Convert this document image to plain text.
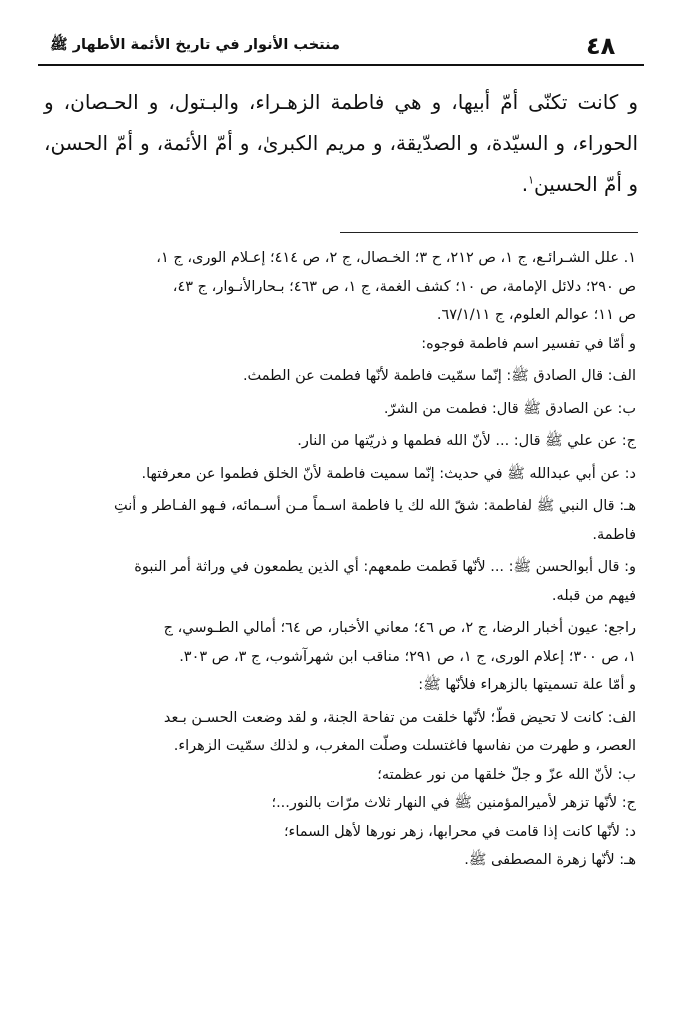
٤٨
منتخب الأنوار في تاريخ الأئمة الأطهار ﷺ

و كانت تكنّى أمّ أبيها، و هي فاطمة الزهـراء، والبـتول، و الحـصان، و الحوراء، و السيّدة، و الصدّيقة، و مريم الكبرىٰ، و أمّ الأئمة، و أمّ الحسن، و أمّ الحسين$^١$.

١. علل الشـرائـع، ج ١، ص ٢١٢، ح ٣؛ الخـصال، ج ٢، ص ٤١٤؛ إعـلام الورى، ج ١،
ص ٢٩٠؛ دلائل الإمامة، ص ١٠؛ كشف الغمة، ج ١، ص ٤٦٣؛ بـحارالأنـوار، ج ٤٣،
ص ١١؛ عوالم العلوم، ج ٦٧/١/١١.
و أمّا في تفسير اسم فاطمة فوجوه:
الف: قال الصادق ﷺ: إنّما سمّيت فاطمة لأنّها فطمت عن الطمث.
ب: عن الصادق ﷺ قال: فطمت من الشرّ.
ج: عن علي ﷺ قال: ... لأنّ الله فطمها و ذريّتها من النار.
د: عن أبي عبدالله ﷺ في حديث: إنّما سميت فاطمة لأنّ الخلق فطموا عن معرفتها.
هـ: قال النبي ﷺ لفاطمة: شقّ الله لك يا فاطمة اسـماً مـن أسـمائه، فـهو الفـاطر و أنتِ
فاطمة.
و: قال أبوالحسن ﷺ: ... لأنّها فَطمت طمعهم: أي الذين يطمعون في وراثة أمر النبوة
فيهم من قبله.
راجع: عيون أخبار الرضا، ج ٢، ص ٤٦؛ معاني الأخبار، ص ٦٤؛ أمالي الطـوسي، ج
١، ص ٣٠٠؛ إعلام الورى، ج ١، ص ٢٩١؛ مناقب ابن شهرآشوب، ج ٣، ص ٣٠٣.
و أمّا علة تسميتها بالزهراء فلأنّها ﷺ:
الف: كانت لا تحيض قطّ؛ لأنّها خلقت من تفاحة الجنة، و لقد وضعت الحسـن بـعد
العصر، و طهرت من نفاسها فاغتسلت وصلّت المغرب، و لذلك سمّيت الزهراء.
ب: لأنّ الله عزّ و جلّ خلقها من نور عظمته؛
ج: لأنّها تزهر لأميرالمؤمنين ﷺ في النهار ثلاث مرّات بالنور...؛
د: لأنّها كانت إذا قامت في محرابها، زهر نورها لأهل السماء؛
هـ: لأنّها زهرة المصطفى ﷺ.
